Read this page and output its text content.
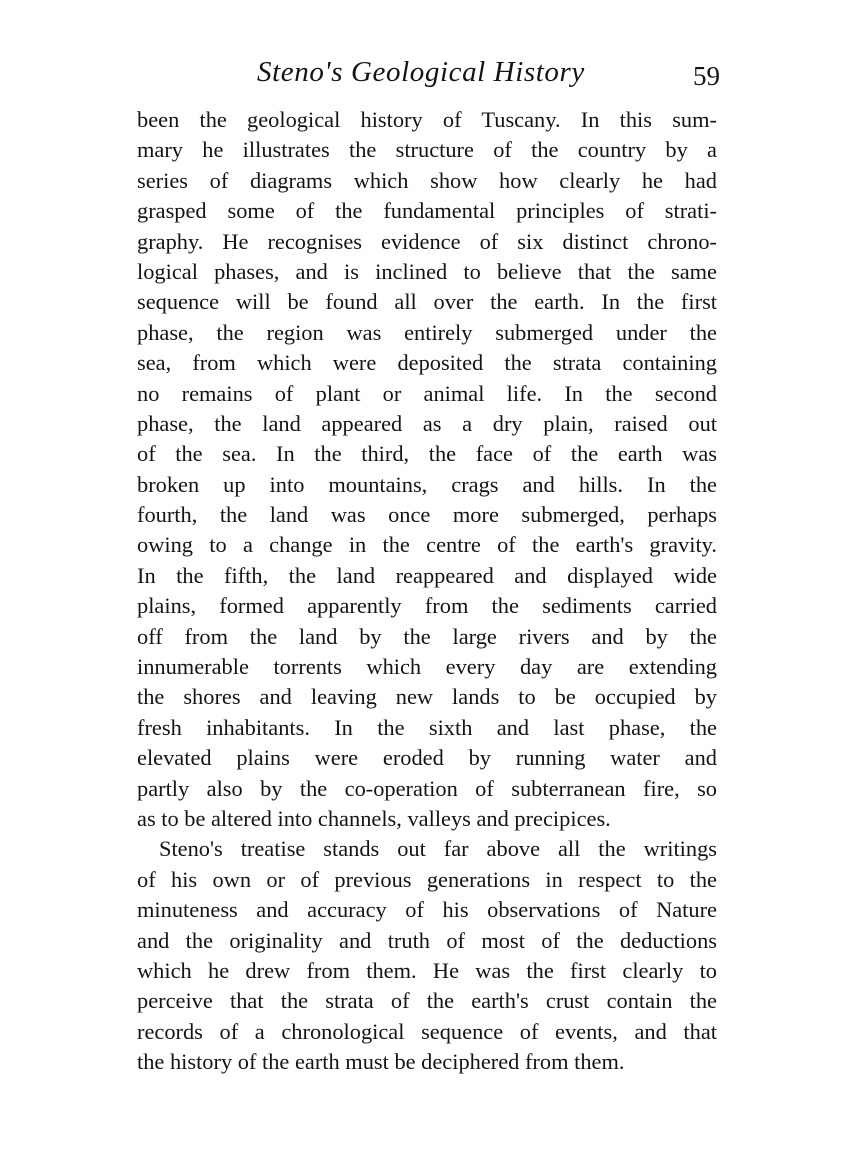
Steno's Geological History	59
been the geological history of Tuscany. In this sum-
mary he illustrates the structure of the country by a
series of diagrams which show how clearly he had
grasped some of the fundamental principles of strati-
graphy. He recognises evidence of six distinct chrono-
logical phases, and is inclined to believe that the same
sequence will be found all over the earth. In the first
phase, the region was entirely submerged under the
sea, from which were deposited the strata containing
no remains of plant or animal life. In the second
phase, the land appeared as a dry plain, raised out
of the sea. In the third, the face of the earth was
broken up into mountains, crags and hills. In the
fourth, the land was once more submerged, perhaps
owing to a change in the centre of the earth's gravity.
In the fifth, the land reappeared and displayed wide
plains, formed apparently from the sediments carried
off from the land by the large rivers and by the
innumerable torrents which every day are extending
the shores and leaving new lands to be occupied by
fresh inhabitants. In the sixth and last phase, the
elevated plains were eroded by running water and
partly also by the co-operation of subterranean fire, so
as to be altered into channels, valleys and precipices.
Steno's treatise stands out far above all the writings
of his own or of previous generations in respect to the
minuteness and accuracy of his observations of Nature
and the originality and truth of most of the deductions
which he drew from them. He was the first clearly to
perceive that the strata of the earth's crust contain the
records of a chronological sequence of events, and that
the history of the earth must be deciphered from them.
